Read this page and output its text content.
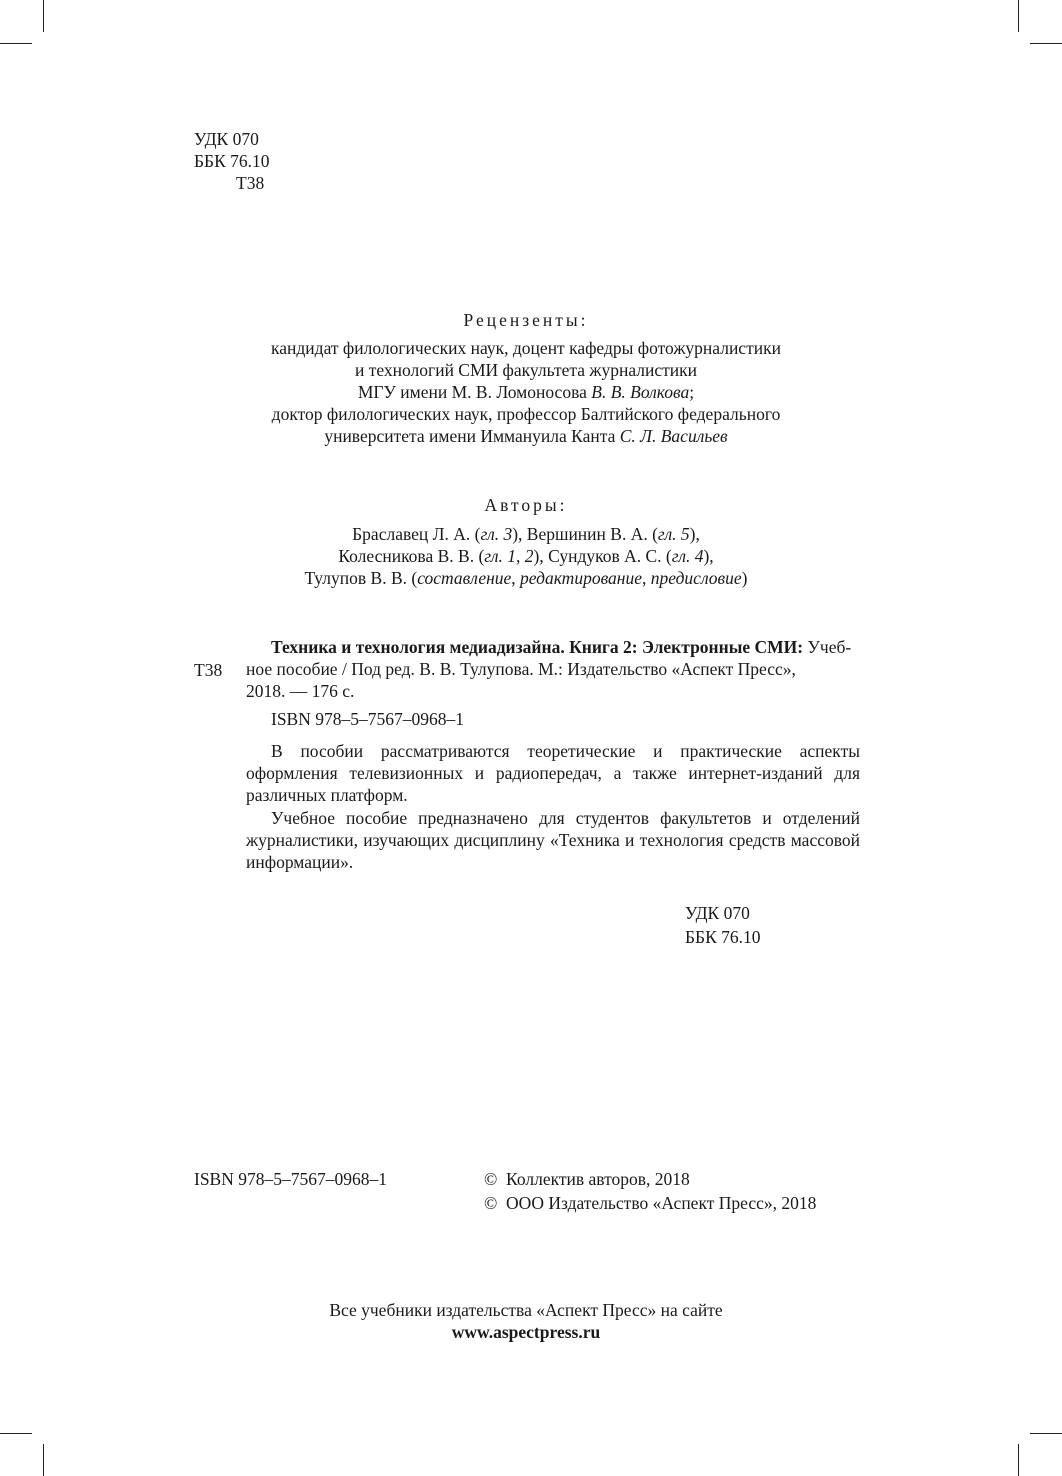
УДК 070
ББК 76.10
Т38
Рецензенты:
кандидат филологических наук, доцент кафедры фотожурналистики
и технологий СМИ факультета журналистики
МГУ имени М. В. Ломоносова В. В. Волкова;
доктор филологических наук, профессор Балтийского федерального
университета имени Иммануила Канта С. Л. Васильев
Авторы:
Браславец Л. А. (гл. 3), Вершинин В. А. (гл. 5),
Колесникова В. В. (гл. 1, 2), Сундуков А. С. (гл. 4),
Тулупов В. В. (составление, редактирование, предисловие)
Т38
Техника и технология медиадизайна. Книга 2: Электронные СМИ: Учеб-
ное пособие / Под ред. В. В. Тулупова. М.: Издательство «Аспект Пресс»,
2018. — 176 с.
ISBN 978–5–7567–0968–1
В пособии рассматриваются теоретические и практические аспекты оформления телевизионных и радиопередач, а также интернет-изданий для различных платформ.
Учебное пособие предназначено для студентов факультетов и отделений журналистики, изучающих дисциплину «Техника и технология средств массовой информации».
УДК 070
ББК 76.10
ISBN 978–5–7567–0968–1	© Коллектив авторов, 2018
© ООО Издательство «Аспект Пресс», 2018
Все учебники издательства «Аспект Пресс» на сайте
www.aspectpress.ru
